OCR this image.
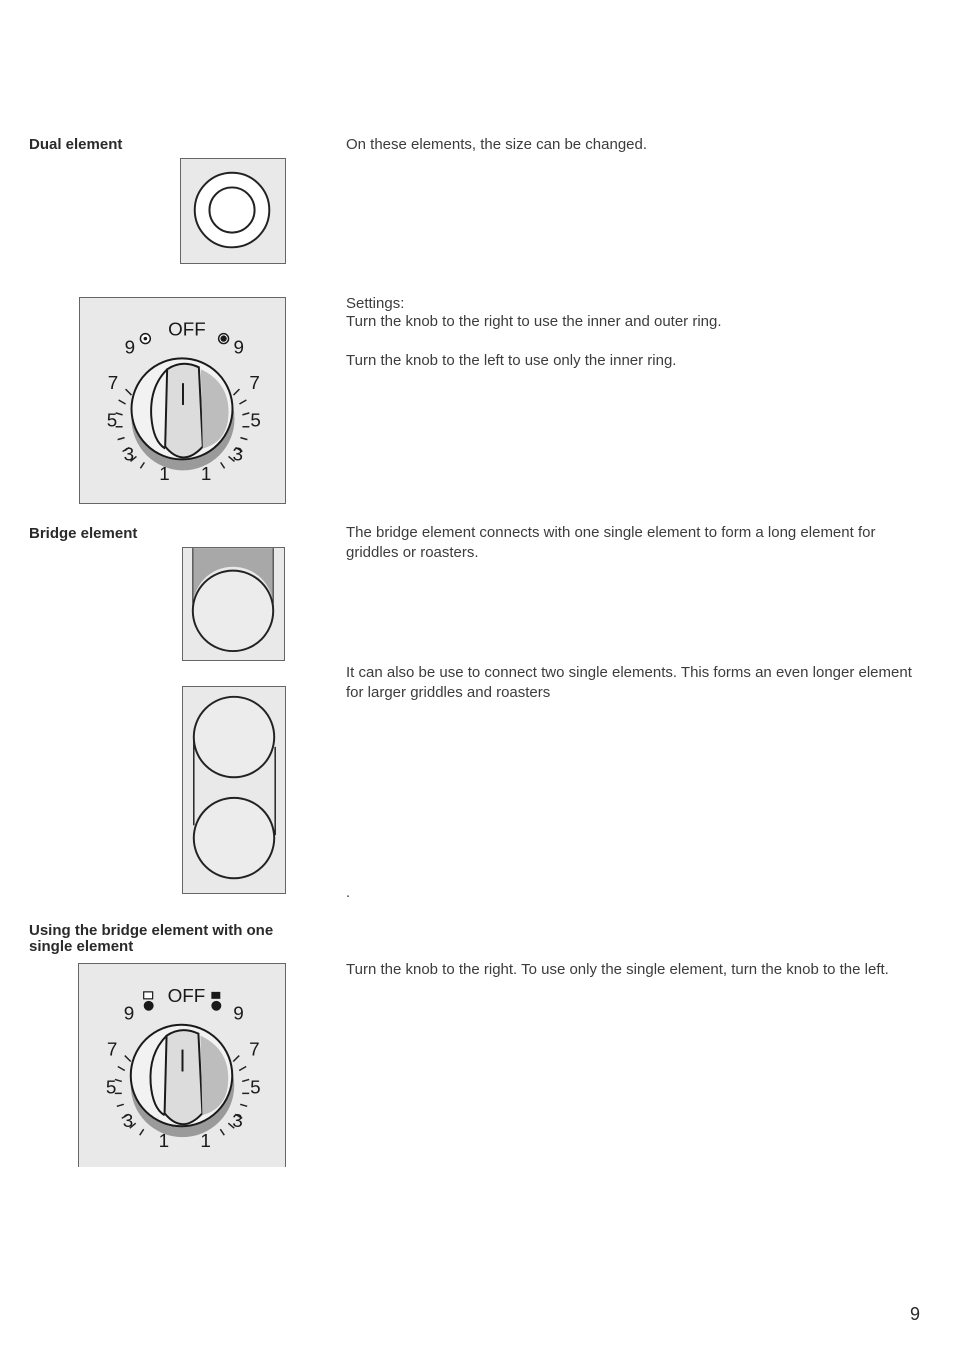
Dual element	On these elements, the size can be changed.
OFF
9
7
5
3
1
9
7
5
3
1
Settings:
Turn the knob to the right to use the inner and outer ring.
Turn the knob to the left to use only the inner ring.
Bridge element	The bridge element connects with one single element to form a long element for griddles or roasters.
It can also be use to connect two single elements. This forms an even longer element for larger griddles and roasters
.
Using the bridge element with one single element
Turn the knob to the right. To use only the single element, turn the knob to the left.
OFF
9
7
5
3
1
9
7
5
3
1
9
